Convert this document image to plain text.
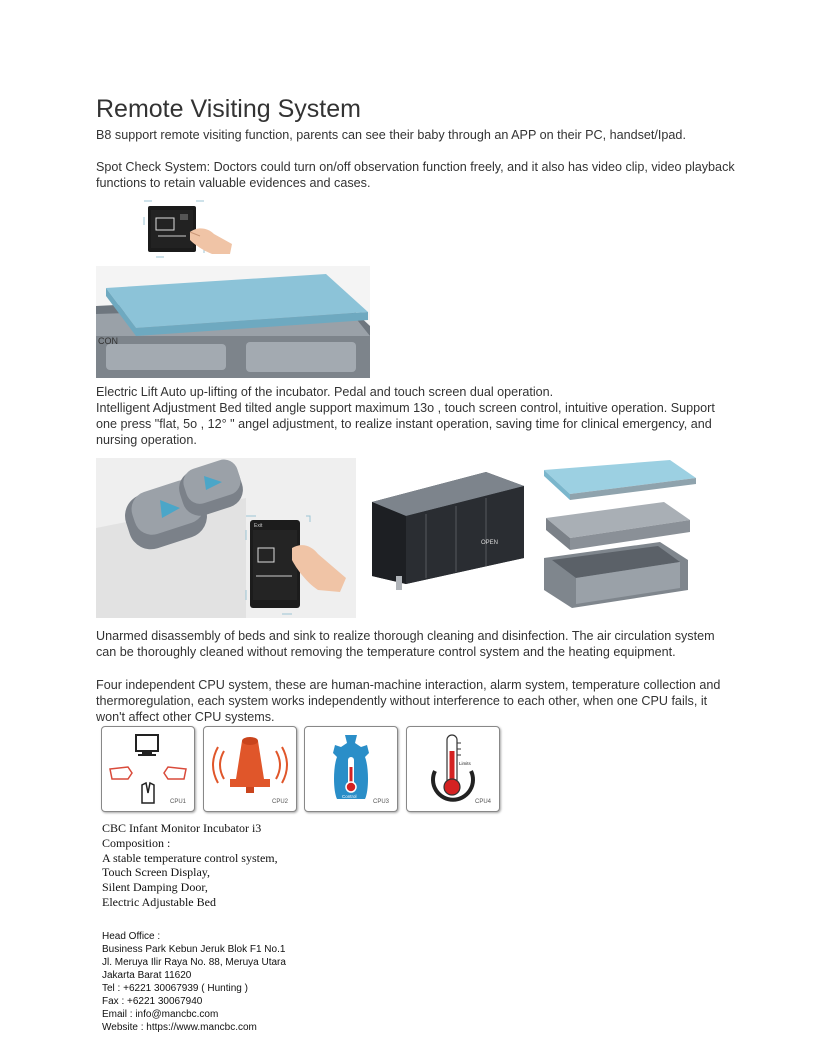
Remote Visiting System
B8 support remote visiting function, parents can see their baby through an APP on their PC, handset/Ipad.
Spot Check System: Doctors could turn on/off observation function freely, and it also has video clip, video playback functions to retain valuable evidences and cases.
CON
Electric Lift Auto up-lifting of the incubator. Pedal and touch screen dual operation.
Intelligent Adjustment Bed tilted angle support maximum 13o , touch screen control, intuitive operation. Support one press "flat, 5o , 12° " angel adjustment, to realize instant operation, saving time for clinical emergency, and nursing operation.
Exit
OPEN
Unarmed disassembly of beds and sink to realize thorough cleaning and disinfection. The air circulation system can be thoroughly cleaned without removing the temperature control system and the heating equipment.
Four independent CPU system, these are human-machine interaction, alarm system, temperature collection and thermoregulation, each system works independently without interference to each other, when one CPU fails, it won't affect other CPU systems.
CPU1	CPU2
Control
CPU3
Limits
CPU4
CBC Infant Monitor Incubator i3
Composition :
A stable temperature control system,
Touch Screen Display,
Silent Damping Door,
Electric Adjustable Bed
Head Office :
Business Park Kebun Jeruk Blok F1 No.1
Jl. Meruya Ilir Raya No. 88, Meruya Utara
Jakarta Barat 11620
Tel : +6221 30067939 ( Hunting )
Fax : +6221 30067940
Email : info@mancbc.com
Website : https://www.mancbc.com
